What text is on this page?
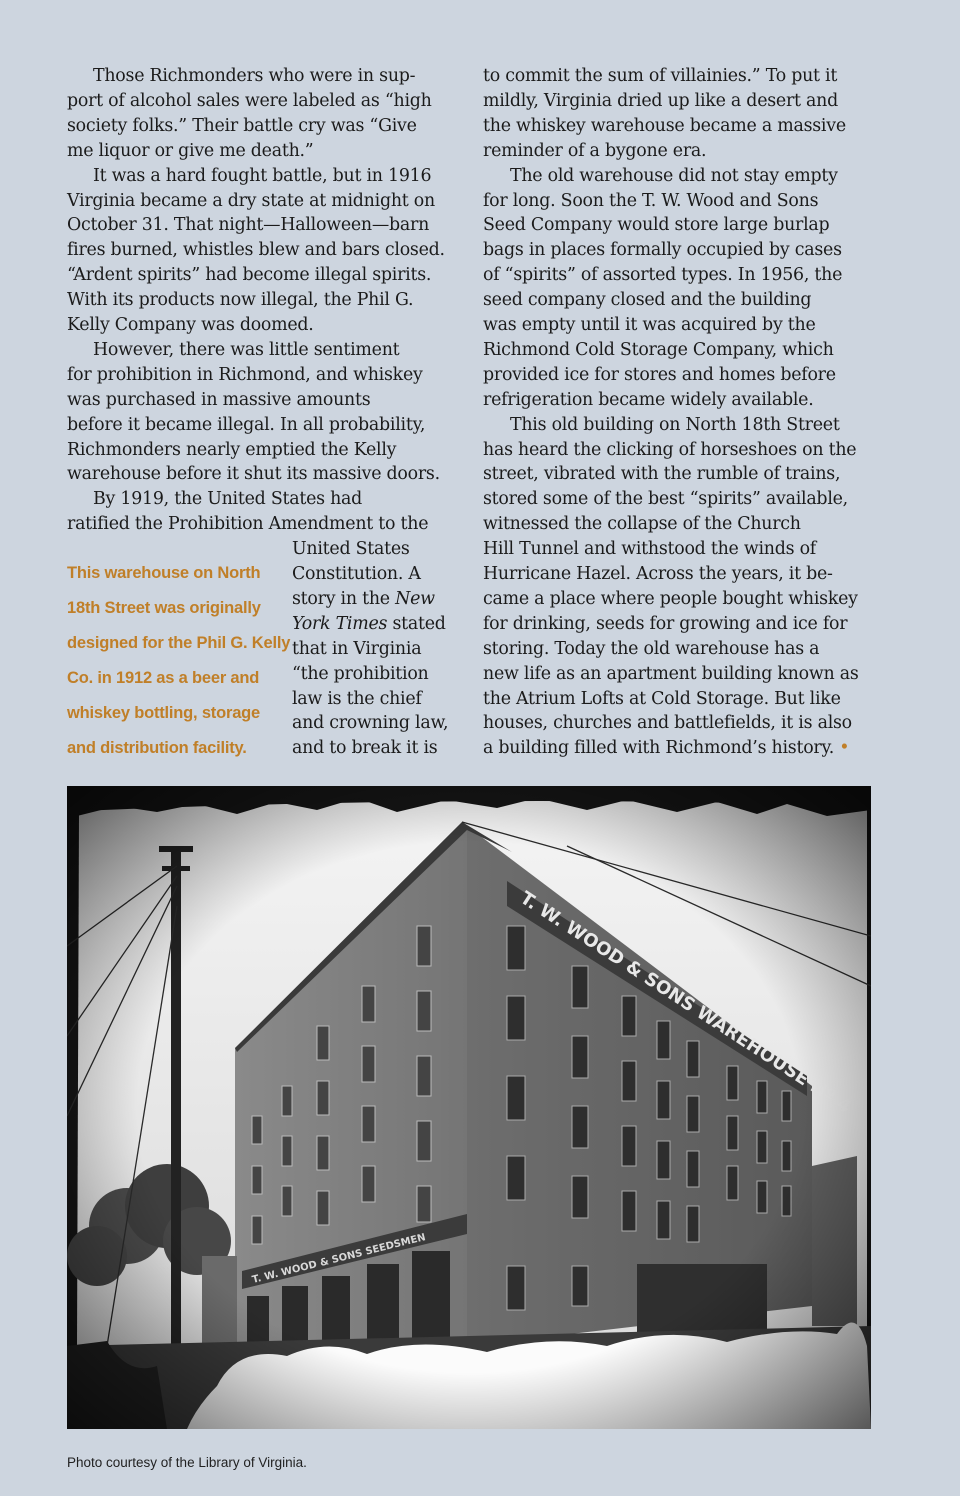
Those Richmonders who were in sup-
port of alcohol sales were labeled as “high
society folks.” Their battle cry was “Give
me liquor or give me death.”
It was a hard fought battle, but in 1916
Virginia became a dry state at midnight on
October 31. That night—Halloween—barn
fires burned, whistles blew and bars closed.
“Ardent spirits” had become illegal spirits.
With its products now illegal, the Phil G.
Kelly Company was doomed.
However, there was little sentiment
for prohibition in Richmond, and whiskey
was purchased in massive amounts
before it became illegal. In all probability,
Richmonders nearly emptied the Kelly
warehouse before it shut its massive doors.
By 1919, the United States had
ratified the Prohibition Amendment to the
United States
Constitution. A
story in the New
York Times stated
that in Virginia
“the prohibition
law is the chief
and crowning law,
and to break it is
This warehouse on North
18th Street was originally
designed for the Phil G. Kelly
Co. in 1912 as a beer and
whiskey bottling, storage
and distribution facility.
to commit the sum of villainies.” To put it
mildly, Virginia dried up like a desert and
the whiskey warehouse became a massive
reminder of a bygone era.
The old warehouse did not stay empty
for long. Soon the T. W. Wood and Sons
Seed Company would store large burlap
bags in places formally occupied by cases
of “spirits” of assorted types. In 1956, the
seed company closed and the building
was empty until it was acquired by the
Richmond Cold Storage Company, which
provided ice for stores and homes before
refrigeration became widely available.
This old building on North 18th Street
has heard the clicking of horseshoes on the
street, vibrated with the rumble of trains,
stored some of the best “spirits” available,
witnessed the collapse of the Church
Hill Tunnel and withstood the winds of
Hurricane Hazel. Across the years, it be-
came a place where people bought whiskey
for drinking, seeds for growing and ice for
storing. Today the old warehouse has a
new life as an apartment building known as
the Atrium Lofts at Cold Storage. But like
houses, churches and battlefields, it is also
a building filled with Richmond’s history. •
Photo courtesy of the Library of Virginia.
